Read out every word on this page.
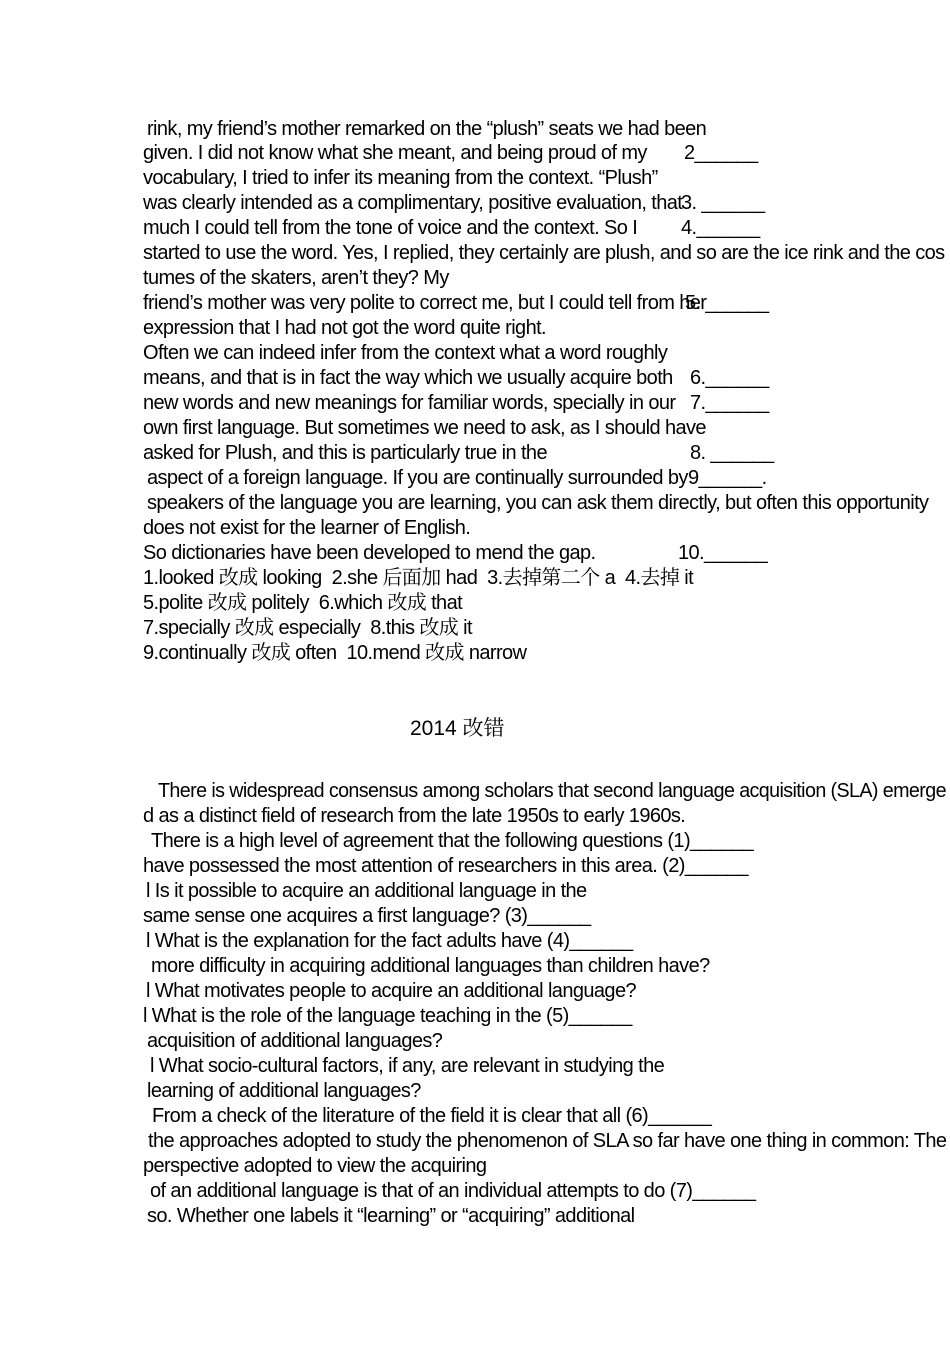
rink, my friend’s mother remarked on the “plush” seats we had been
given. I did not know what she meant, and being proud of my
vocabulary, I tried to infer its meaning from the context. “Plush”
was clearly intended as a complimentary, positive evaluation, that
much I could tell from the tone of voice and the context. So I
started to use the word. Yes, I replied, they certainly are plush, and so are the ice rink and the cos
tumes of the skaters, aren’t they? My
friend’s mother was very polite to correct me, but I could tell from her
expression that I had not got the word quite right.
Often we can indeed infer from the context what a word roughly
means, and that is in fact the way which we usually acquire both
new words and new meanings for familiar words, specially in our
own first language. But sometimes we need to ask, as I should have
asked for Plush, and this is particularly true in the
aspect of a foreign language. If you are continually surrounded by
speakers of the language you are learning, you can ask them directly, but often this opportunity
does not exist for the learner of English.
So dictionaries have been developed to mend the gap.
2______
3. ______
4.______
5. ______
6.______
7.______
8. ______
9______.
10.______
1.looked 改成 looking  2.she 后面加 had  3.去掉第二个 a  4.去掉 it
5.polite 改成 politely  6.which 改成 that
7.specially 改成 especially  8.this 改成 it
9.continually 改成 often  10.mend 改成 narrow
2014 改错
There is widespread consensus among scholars that second language acquisition (SLA) emerge
d as a distinct field of research from the late 1950s to early 1960s.
There is a high level of agreement that the following questions (1)______
have possessed the most attention of researchers in this area. (2)______
l Is it possible to acquire an additional language in the
same sense one acquires a first language? (3)______
l What is the explanation for the fact adults have (4)______
more difficulty in acquiring additional languages than children have?
l What motivates people to acquire an additional language?
l What is the role of the language teaching in the (5)______
acquisition of additional languages?
l What socio-cultural factors, if any, are relevant in studying the
learning of additional languages?
From a check of the literature of the field it is clear that all (6)______
the approaches adopted to study the phenomenon of SLA so far have one thing in common: The
perspective adopted to view the acquiring
of an additional language is that of an individual attempts to do (7)______
so. Whether one labels it “learning” or “acquiring” additional
